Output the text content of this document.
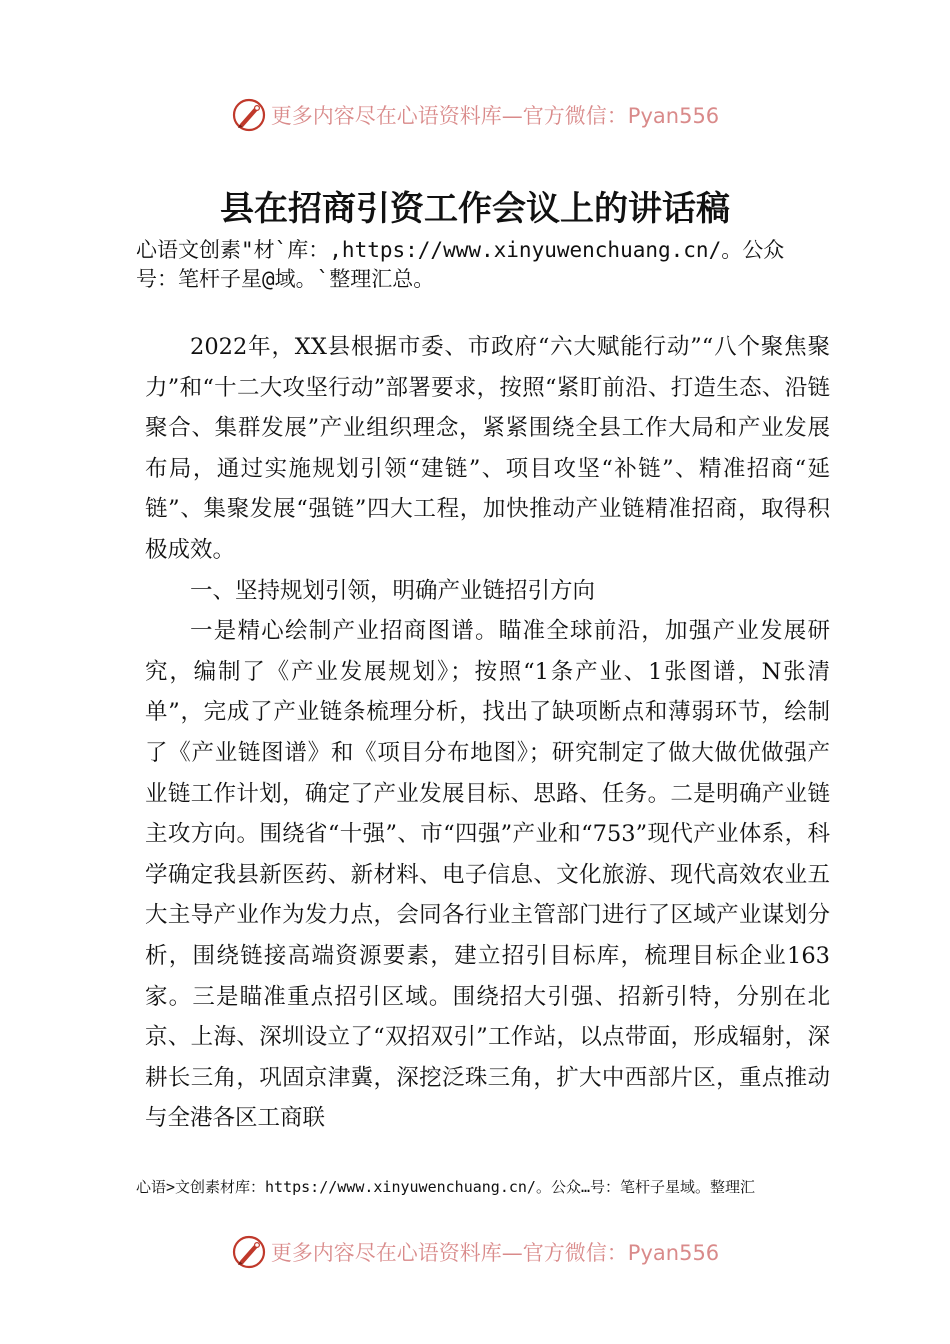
更多内容尽在心语资料库—官方微信：Pyan556
县在招商引资工作会议上的讲话稿

心语文创素"材`库：,https://www.xinyuwenchuang.cn/。公众号：笔杆子星@域。`整理汇总。

2022年，XX县根据市委、市政府“六大赋能行动”“八个聚焦聚力”和“十二大攻坚行动”部署要求，按照“紧盯前沿、打造生态、沿链聚合、集群发展”产业组织理念，紧紧围绕全县工作大局和产业发展布局，通过实施规划引领“建链”、项目攻坚“补链”、精准招商“延链”、集聚发展“强链”四大工程，加快推动产业链精准招商，取得积极成效。

一、坚持规划引领，明确产业链招引方向

一是精心绘制产业招商图谱。瞄准全球前沿，加强产业发展研究，编制了《产业发展规划》；按照“1条产业、1张图谱，N张清单”，完成了产业链条梳理分析，找出了缺项断点和薄弱环节，绘制了《产业链图谱》和《项目分布地图》；研究制定了做大做优做强产业链工作计划，确定了产业发展目标、思路、任务。二是明确产业链主攻方向。围绕省“十强”、市“四强”产业和“753”现代产业体系，科学确定我县新医药、新材料、电子信息、文化旅游、现代高效农业五大主导产业作为发力点，会同各行业主管部门进行了区域产业谋划分析，围绕链接高端资源要素，建立招引目标库，梳理目标企业163家。三是瞄准重点招引区域。围绕招大引强、招新引特，分别在北京、上海、深圳设立了“双招双引”工作站，以点带面，形成辐射，深耕长三角，巩固京津冀，深挖泛珠三角，扩大中西部片区，重点推动与全港各区工商联

心语>文创素材库：https://www.xinyuwenchuang.cn/。公众…号：笔杆子星域。整理汇

更多内容尽在心语资料库—官方微信：Pyan556
